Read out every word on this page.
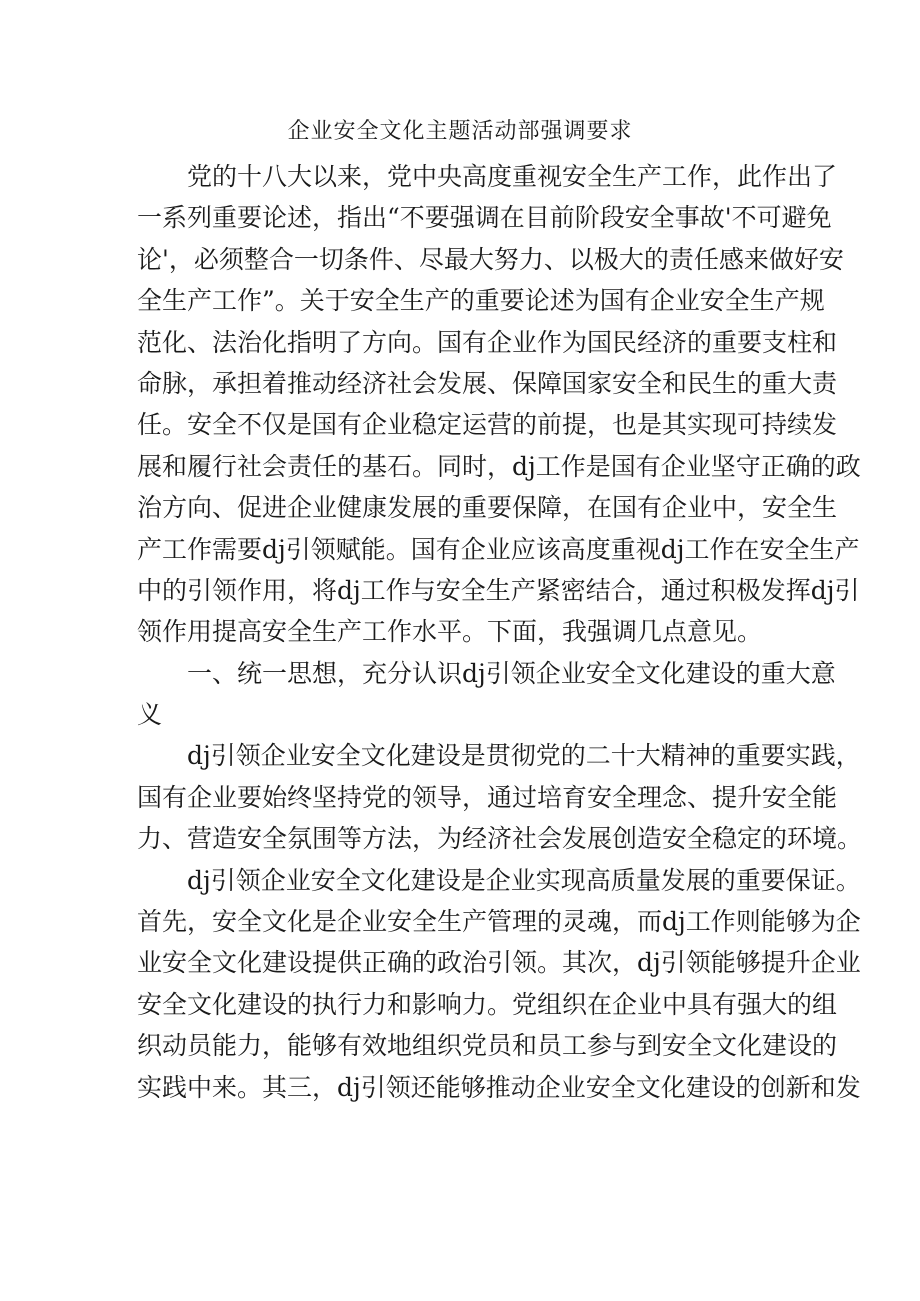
企业安全文化主题活动部强调要求
党的十八大以来，党中央高度重视安全生产工作，此作出了
一系列重要论述，指出“不要强调在目前阶段安全事故'不可避免
论'，必须整合一切条件、尽最大努力、以极大的责任感来做好安
全生产工作”。关于安全生产的重要论述为国有企业安全生产规
范化、法治化指明了方向。国有企业作为国民经济的重要支柱和
命脉，承担着推动经济社会发展、保障国家安全和民生的重大责
任。安全不仅是国有企业稳定运营的前提，也是其实现可持续发
展和履行社会责任的基石。同时，dj工作是国有企业坚守正确的政
治方向、促进企业健康发展的重要保障，在国有企业中，安全生
产工作需要dj引领赋能。国有企业应该高度重视dj工作在安全生产
中的引领作用，将dj工作与安全生产紧密结合，通过积极发挥dj引
领作用提高安全生产工作水平。下面，我强调几点意见。
一、统一思想，充分认识dj引领企业安全文化建设的重大意
义
dj引领企业安全文化建设是贯彻党的二十大精神的重要实践，
国有企业要始终坚持党的领导，通过培育安全理念、提升安全能
力、营造安全氛围等方法，为经济社会发展创造安全稳定的环境。
dj引领企业安全文化建设是企业实现高质量发展的重要保证。
首先，安全文化是企业安全生产管理的灵魂，而dj工作则能够为企
业安全文化建设提供正确的政治引领。其次，dj引领能够提升企业
安全文化建设的执行力和影响力。党组织在企业中具有强大的组
织动员能力，能够有效地组织党员和员工参与到安全文化建设的
实践中来。其三，dj引领还能够推动企业安全文化建设的创新和发
